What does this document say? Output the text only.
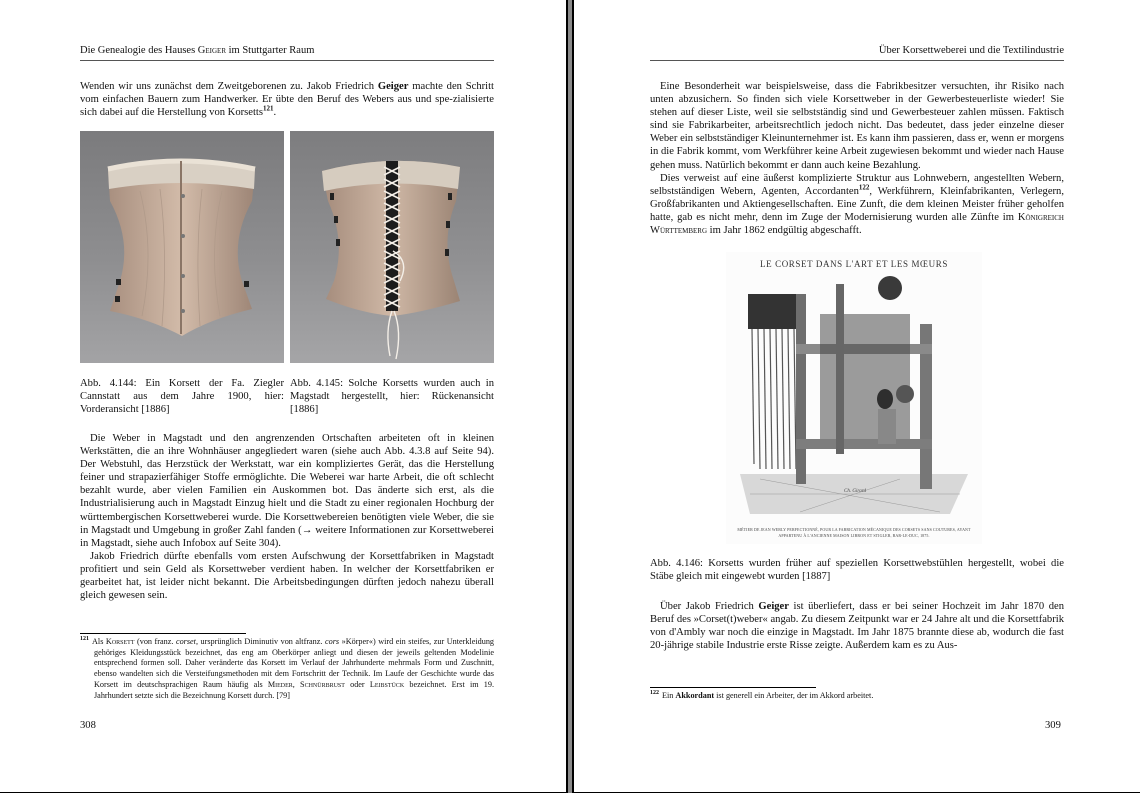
Die Genealogie des Hauses Geiger im Stuttgarter Raum

Wenden wir uns zunächst dem Zweitgeborenen zu. Jakob Friedrich Geiger machte den Schritt vom einfachen Bauern zum Handwerker. Er übte den Beruf des Webers aus und spe-zialisierte sich dabei auf die Herstellung von Korsetts$^{121}$.

Abb. 4.144: Ein Korsett der Fa. Ziegler Cannstatt aus dem Jahre 1900, hier: Vorderansicht [1886]
Abb. 4.145: Solche Korsetts wurden auch in Magstadt hergestellt, hier: Rückenansicht [1886]

Die Weber in Magstadt und den angrenzenden Ortschaften arbeiteten oft in kleinen Werkstätten, die an ihre Wohnhäuser angegliedert waren (siehe auch Abb. 4.3.8 auf Seite 94). Der Webstuhl, das Herzstück der Werkstatt, war ein kompliziertes Gerät, das die Herstellung feiner und strapazierfähiger Stoffe ermöglichte. Die Weberei war harte Arbeit, die oft schlecht bezahlt wurde, aber vielen Familien ein Auskommen bot. Das änderte sich erst, als die Industrialisierung auch in Magstadt Einzug hielt und die Stadt zu einer regionalen Hochburg der württembergischen Korsettweberei wurde. Die Korsettwebereien benötigten viele Weber, die sie in Magstadt und Umgebung in großer Zahl fanden (→ weitere Informationen zur Korsettweberei in Magstadt, siehe auch Infobox auf Seite 304).

Jakob Friedrich dürfte ebenfalls vom ersten Aufschwung der Korsettfabriken in Magstadt profitiert und sein Geld als Korsettweber verdient haben. In welcher der Korsettfabriken er gearbeitet hat, ist leider nicht bekannt. Die Arbeitsbedingungen dürften jedoch nahezu überall gleich gewesen sein.

$^{121}$ Als Korsett (von franz. corset, ursprünglich Diminutiv von altfranz. cors »Körper«) wird ein steifes, zur Unterkleidung gehöriges Kleidungsstück bezeichnet, das eng am Oberkörper anliegt und diesen der jeweils geltenden Modelinie entsprechend formen soll. Daher veränderte das Korsett im Verlauf der Jahrhunderte mehrmals Form und Zuschnitt, ebenso wandelten sich die Versteifungsmethoden mit dem Fortschritt der Technik. Im Laufe der Geschichte wurde das Korsett im deutschsprachigen Raum häufig als Mieder, Schnürbrust oder Leibstück bezeichnet. Erst im 19. Jahrhundert setzte sich die Bezeichnung Korsett durch. [79]
308
Über Korsettweberei und die Textilindustrie

Eine Besonderheit war beispielsweise, dass die Fabrikbesitzer versuchten, ihr Risiko nach unten abzusichern. So finden sich viele Korsettweber in der Gewerbesteuerliste wieder! Sie stehen auf dieser Liste, weil sie selbstständig sind und Gewerbesteuer zahlen müssen. Faktisch sind sie Fabrikarbeiter, arbeitsrechtlich jedoch nicht. Das bedeutet, dass jeder einzelne dieser Weber ein selbstständiger Kleinunternehmer ist. Es kann ihm passieren, dass er, wenn er morgens in die Fabrik kommt, vom Werkführer keine Arbeit zugewiesen bekommt und wieder nach Hause gehen muss. Natürlich bekommt er dann auch keine Bezahlung.

Dies verweist auf eine äußerst komplizierte Struktur aus Lohnwebern, angestellten Webern, selbstständigen Webern, Agenten, Accordanten$^{122}$, Werkführern, Kleinfabrikanten, Verlegern, Großfabrikanten und Aktiengesellschaften. Eine Zunft, die dem kleinen Meister früher geholfen hatte, gab es nicht mehr, denn im Zuge der Modernisierung wurden alle Zünfte im Königreich Württemberg im Jahr 1862 endgültig abgeschafft.

LE CORSET DANS L'ART ET LES MŒURS
Ch. Girard
MÉTIER DE JEAN WERLY PERFECTIONNÉ, POUR LA FABRICATION MÉCANIQUE DES CORSETS SANS COUTURES, AYANT APPARTENU À L'ANCIENNE MAISON LIBRON ET STIGLER, BAR-LE-DUC, 1875.
Abb. 4.146: Korsetts wurden früher auf speziellen Korsettwebstühlen hergestellt, wobei die Stäbe gleich mit eingewebt wurden [1887]

Über Jakob Friedrich Geiger ist überliefert, dass er bei seiner Hochzeit im Jahr 1870 den Beruf des »Corset(t)weber« angab. Zu diesem Zeitpunkt war er 24 Jahre alt und die Korsettfabrik von d'Ambly war noch die einzige in Magstadt. Im Jahr 1875 brannte diese ab, wodurch die fast 20-jährige stabile Industrie erste Risse zeigte. Außerdem kam es zu Aus-

$^{122}$ Ein Akkordant ist generell ein Arbeiter, der im Akkord arbeitet.
309
